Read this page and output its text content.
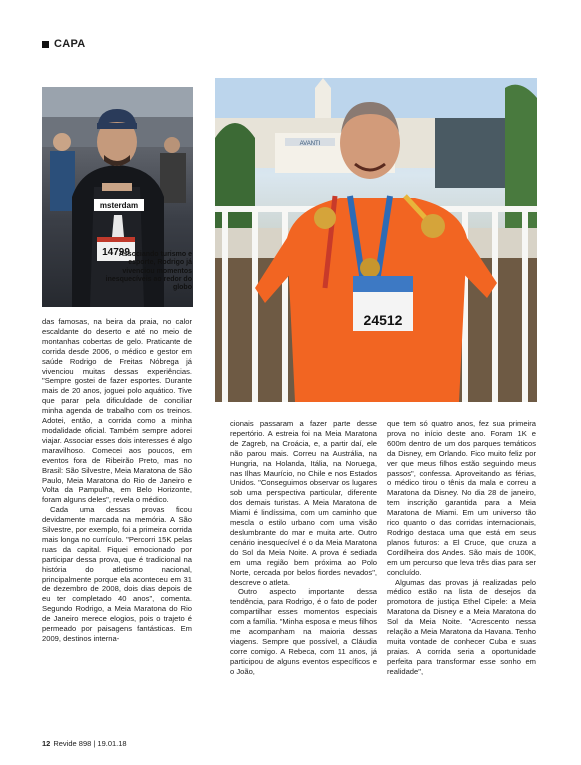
CAPA
msterdam
14799
Associando turismo e esporte, Rodrigo já vivenciou momentos inesquecíveis ao redor do globo
AVANTI
24512

das famosas, na beira da praia, no calor escaldante do deserto e até no meio de montanhas cobertas de gelo. Praticante de corrida desde 2006, o médico e gestor em saúde Rodrigo de Freitas Nóbrega já vivenciou muitas dessas experiências. "Sempre gostei de fazer esportes. Durante mais de 20 anos, joguei polo aquático. Tive que parar pela dificuldade de conciliar minha agenda de trabalho com os treinos. Adotei, então, a corrida como a minha modalidade oficial. Também sempre adorei viajar. Associar esses dois interesses é algo maravilhoso. Comecei aos poucos, em eventos fora de Ribeirão Preto, mas no Brasil: São Silvestre, Meia Maratona de São Paulo, Meia Maratona do Rio de Janeiro e Volta da Pampulha, em Belo Horizonte, foram alguns deles", revela o médico.

Cada uma dessas provas ficou devidamente marcada na memória. A São Silvestre, por exemplo, foi a primeira corrida mais longa no currículo. "Percorri 15K pelas ruas da capital. Fiquei emocionado por participar dessa prova, que é tradicional na história do atletismo nacional, principalmente porque ela aconteceu em 31 de dezembro de 2008, dois dias depois de eu ter completado 40 anos", comenta. Segundo Rodrigo, a Meia Maratona do Rio de Janeiro merece elogios, pois o trajeto é permeado por paisagens fantásticas. Em 2009, destinos interna-

cionais passaram a fazer parte desse repertório. A estreia foi na Meia Maratona de Zagreb, na Croácia, e, a partir daí, ele não parou mais. Correu na Austrália, na Hungria, na Holanda, Itália, na Noruega, nas Ilhas Maurício, no Chile e nos Estados Unidos. "Conseguimos observar os lugares sob uma perspectiva particular, diferente dos demais turistas. A Meia Maratona de Miami é lindíssima, com um caminho que mescla o estilo urbano com uma visão deslumbrante do mar e muita arte. Outro cenário inesquecível é o da Meia Maratona do Sol da Meia Noite. A prova é sediada em uma região bem próxima ao Polo Norte, cercada por belos fiordes nevados", descreve o atleta.

Outro aspecto importante dessa tendência, para Rodrigo, é o fato de poder compartilhar esses momentos especiais com a família. "Minha esposa e meus filhos me acompanham na maioria dessas viagens. Sempre que possível, a Cláudia corre comigo. A Rebeca, com 11 anos, já participou de alguns eventos específicos e o João,

que tem só quatro anos, fez sua primeira prova no início deste ano. Foram 1K e 600m dentro de um dos parques temáticos da Disney, em Orlando. Fico muito feliz por ver que meus filhos estão seguindo meus passos", confessa. Aproveitando as férias, o médico tirou o tênis da mala e correu a Maratona da Disney. No dia 28 de janeiro, tem inscrição garantida para a Meia Maratona de Miami. Em um universo tão rico quanto o das corridas internacionais, Rodrigo destaca uma que está em seus planos futuros: a El Cruce, que cruza a Cordilheira dos Andes. São mais de 100K, em um percurso que levа três dias para ser concluído.

Algumas das provas já realizadas pelo médico estão na lista de desejos da promotora de justiça Ethel Cipele: a Meia Maratona da Disney e a Meia Maratona do Sol da Meia Noite. "Acrescento nessa relação a Meia Maratona da Havana. Tenho muita vontade de conhecer Cuba e suas praias. A corrida seria a oportunidade perfeita para transformar esse sonho em realidade",

12 Revide 898 | 19.01.18
